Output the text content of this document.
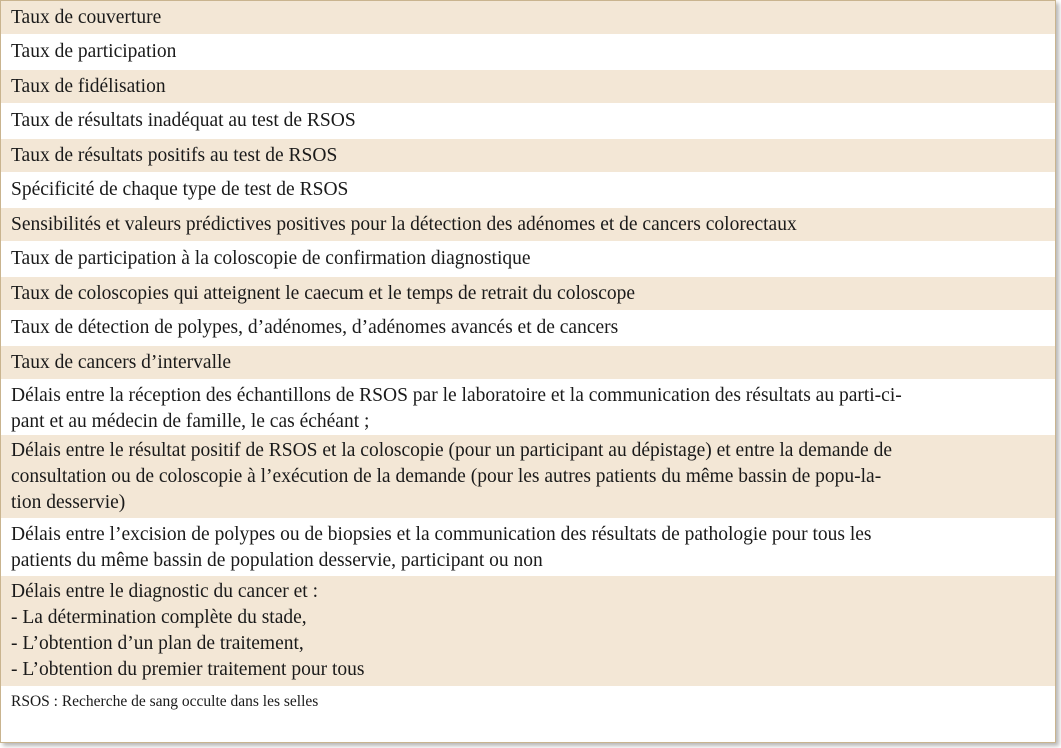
Taux de couverture
Taux de participation
Taux de fidélisation
Taux de résultats inadéquat au test de RSOS
Taux de résultats positifs au test de RSOS
Spécificité de chaque type de test de RSOS
Sensibilités et valeurs prédictives positives pour la détection des adénomes et de cancers colorectaux
Taux de participation à la coloscopie de confirmation diagnostique
Taux de coloscopies qui atteignent le caecum et le temps de retrait du coloscope
Taux de détection de polypes, d’adénomes, d’adénomes avancés et de cancers
Taux de cancers d’intervalle
Délais entre la réception des échantillons de RSOS par le laboratoire et la communication des résultats au parti-ci-
pant et au médecin de famille, le cas échéant ;
Délais entre le résultat positif de RSOS et la coloscopie (pour un participant au dépistage) et entre la demande de
consultation ou de coloscopie à l’exécution de la demande (pour les autres patients du même bassin de popu-la-
tion desservie)
Délais entre l’excision de polypes ou de biopsies et la communication des résultats de pathologie pour tous les
patients du même bassin de population desservie, participant ou non
Délais entre le diagnostic du cancer et :
- La détermination complète du stade,
- L’obtention d’un plan de traitement,
- L’obtention du premier traitement pour tous
RSOS : Recherche de sang occulte dans les selles
